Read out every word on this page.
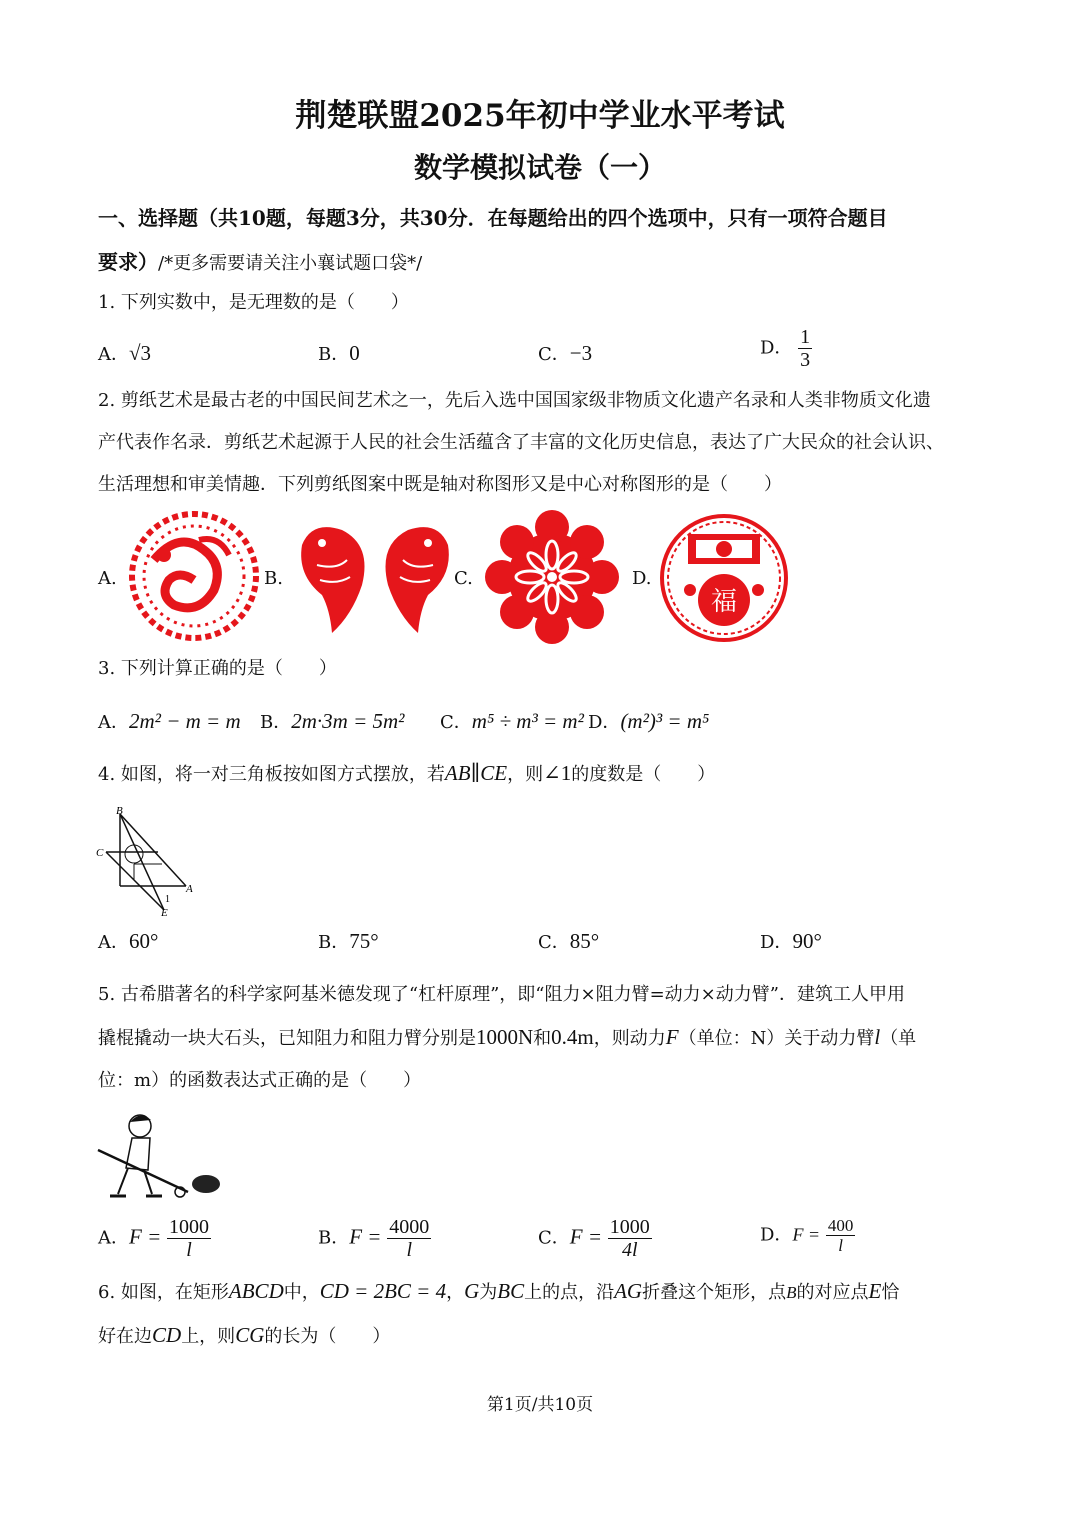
荆楚联盟2025年初中学业水平考试
数学模拟试卷（一）
一、选择题（共10题，每题3分，共30分．在每题给出的四个选项中，只有一项符合题目
要求）/*更多需要请关注小襄试题口袋*/
1. 下列实数中，是无理数的是（　　）
A．√3	B．0	C．−3	D． $\frac{1}{3}$
2. 剪纸艺术是最古老的中国民间艺术之一，先后入选中国国家级非物质文化遗产名录和人类非物质文化遗
产代表作名录．剪纸艺术起源于人民的社会生活蕴含了丰富的文化历史信息，表达了广大民众的社会认识、
生活理想和审美情趣．下列剪纸图案中既是轴对称图形又是中心对称图形的是（　　）
A.	B.	C.	D.
福
3. 下列计算正确的是（　　）
A．2m² − m = m B．2m·3m = 5m² C．m⁵ ÷ m³ = m² D．(m²)³ = m⁵
4. 如图，将一对三角板按如图方式摆放，若AB∥CE，则∠1的度数是（　　）
B
C
A
E
1
A．60°	B．75°	C．85°	D．90°
5. 古希腊著名的科学家阿基米德发现了“杠杆原理”，即“阻力×阻力臂=动力×动力臂”．建筑工人甲用
撬棍撬动一块大石头，已知阻力和阻力臂分别是1000N和0.4m，则动力F（单位：N）关于动力臂l（单
位：m）的函数表达式正确的是（　　）
A．$F = \frac{1000}{l}$	B．$F = \frac{4000}{l}$	C．$F = \frac{1000}{4l}$	D．$F = \frac{400}{l}$
6. 如图，在矩形ABCD中，CD = 2BC = 4，G为BC上的点，沿AG折叠这个矩形，点B的对应点E恰
好在边CD上，则CG的长为（　　）
第1页/共10页
